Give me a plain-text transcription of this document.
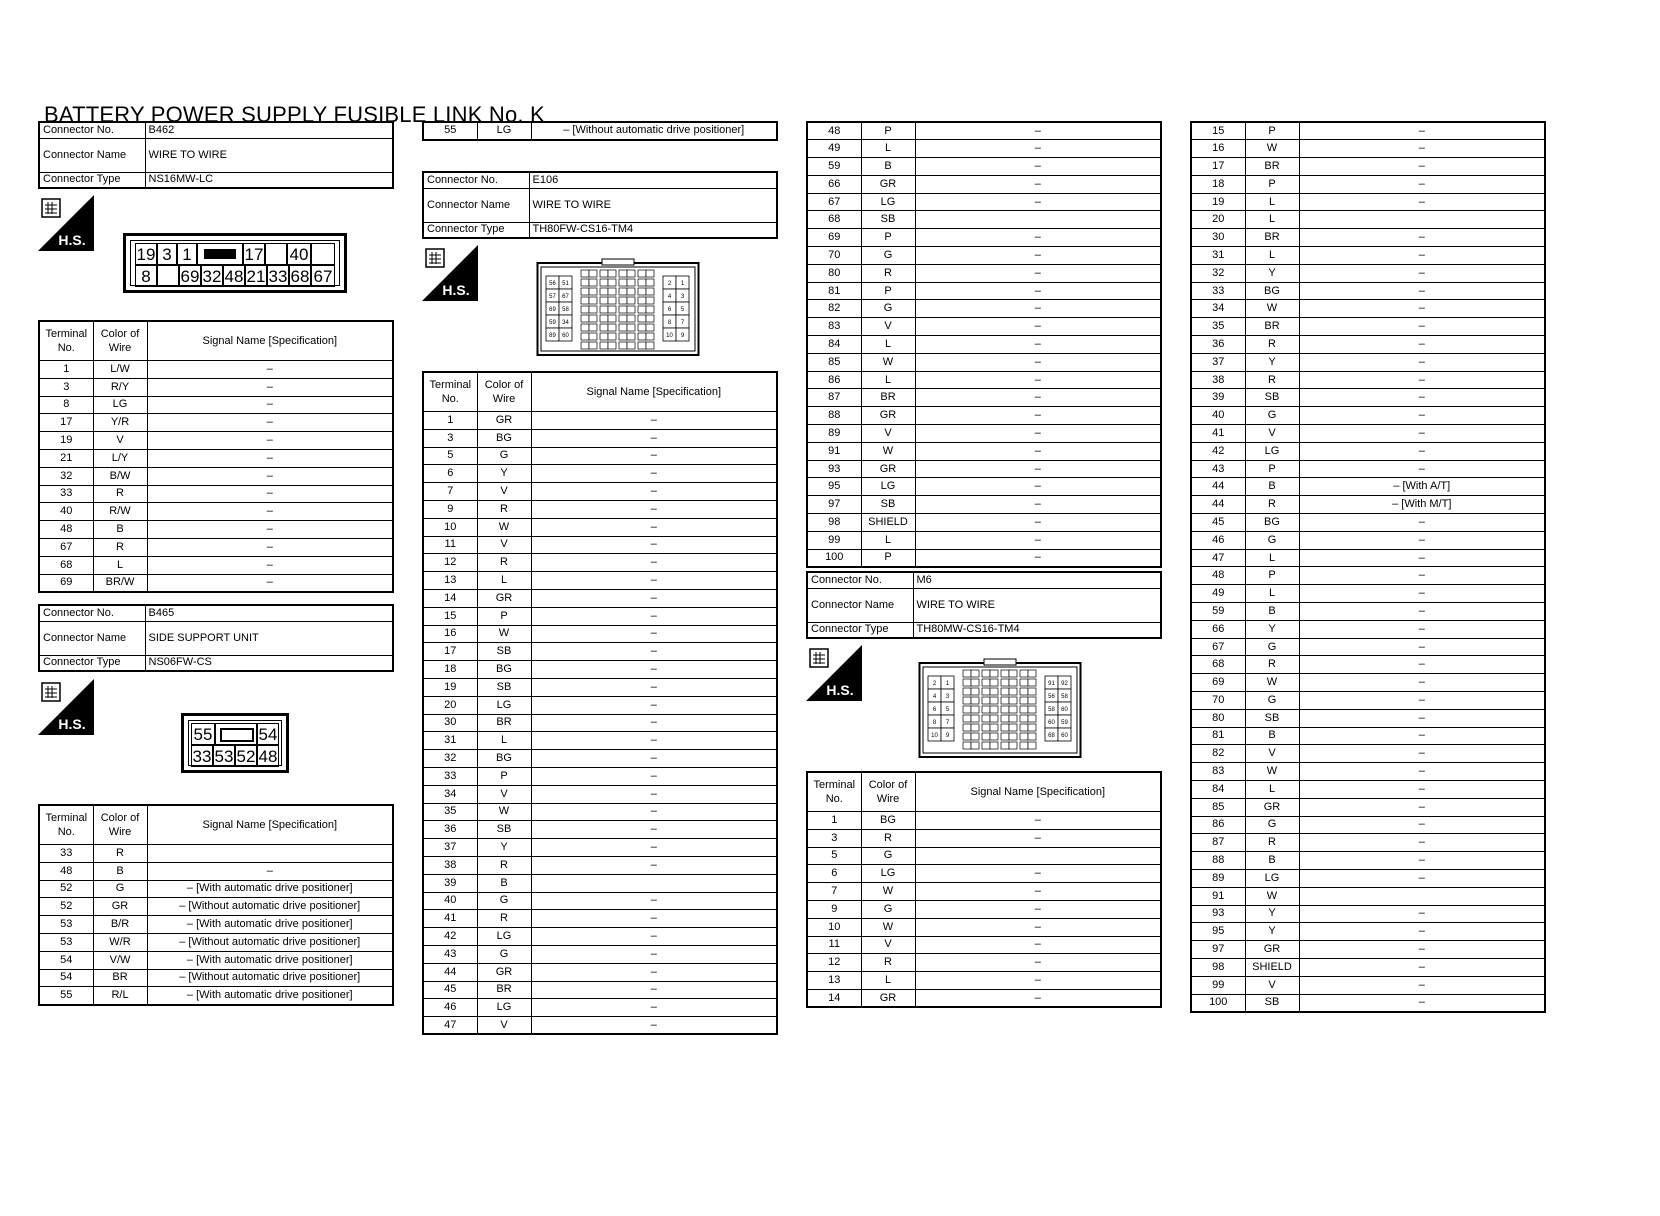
BATTERY POWER SUPPLY FUSIBLE LINK No. K
Connector No.	B462
Connector Name	WIRE TO WIRE
Connector Type	NS16MW-LC
H.S.
19 3 1	17 40
8	69 32 48 21 33 68 67
Terminal No.	Color of Wire	Signal Name [Specification]
1	L/W	–
3	R/Y	–
8	LG	–
17	Y/R	–
19	V	–
21	L/Y	–
32	B/W	–
33	R	–
40	R/W	–
48	B	–
67	R	–
68	L	–
69	BR/W	–
Connector No.	B465
Connector Name	SIDE SUPPORT UNIT
Connector Type	NS06FW-CS
H.S.
55	54
33 53 52 48
Terminal No.	Color of Wire	Signal Name [Specification]
33	R	
48	B	–
52	G	– [With automatic drive positioner]
52	GR	– [Without automatic drive positioner]
53	B/R	– [With automatic drive positioner]
53	W/R	– [Without automatic drive positioner]
54	V/W	– [With automatic drive positioner]
54	BR	– [Without automatic drive positioner]
55	R/L	– [With automatic drive positioner]
55	LG	– [Without automatic drive positioner]
Connector No.	E106
Connector Name	WIRE TO WIRE
Connector Type	TH80FW-CS16-TM4
H.S.	56 51
57 67
69 58
59 34
89 60
2 1
4 3
6 5
8 7
10 9
Terminal No.	Color of Wire	Signal Name [Specification]
1	GR	–
3	BG	–
5	G	–
6	Y	–
7	V	–
9	R	–
10	W	–
11	V	–
12	R	–
13	L	–
14	GR	–
15	P	–
16	W	–
17	SB	–
18	BG	–
19	SB	–
20	LG	–
30	BR	–
31	L	–
32	BG	–
33	P	–
34	V	–
35	W	–
36	SB	–
37	Y	–
38	R	–
39	B	
40	G	–
41	R	–
42	LG	–
43	G	–
44	GR	–
45	BR	–
46	LG	–
47	V	–
48	P	–
49	L	–
59	B	–
66	GR	–
67	LG	–
68	SB	
69	P	–
70	G	–
80	R	–
81	P	–
82	G	–
83	V	–
84	L	–
85	W	–
86	L	–
87	BR	–
88	GR	–
89	V	–
91	W	–
93	GR	–
95	LG	–
97	SB	–
98	SHIELD	–
99	L	–
100	P	–
Connector No.	M6
Connector Name	WIRE TO WIRE
Connector Type	TH80MW-CS16-TM4
H.S.	2 1
4 3
6 5
8 7
10 9
91 92
56 58
58 60
60 59
68 60
Terminal No.	Color of Wire	Signal Name [Specification]
1	BG	–
3	R	–
5	G	
6	LG	–
7	W	–
9	G	–
10	W	–
11	V	–
12	R	–
13	L	–
14	GR	–
15	P	–
16	W	–
17	BR	–
18	P	–
19	L	–
20	L	
30	BR	–
31	L	–
32	Y	–
33	BG	–
34	W	–
35	BR	–
36	R	–
37	Y	–
38	R	–
39	SB	–
40	G	–
41	V	–
42	LG	–
43	P	–
44	B	– [With A/T]
44	R	– [With M/T]
45	BG	–
46	G	–
47	L	–
48	P	–
49	L	–
59	B	–
66	Y	–
67	G	–
68	R	–
69	W	–
70	G	–
80	SB	–
81	B	–
82	V	–
83	W	–
84	L	–
85	GR	–
86	G	–
87	R	–
88	B	–
89	LG	–
91	W	
93	Y	–
95	Y	–
97	GR	–
98	SHIELD	–
99	V	–
100	SB	–
